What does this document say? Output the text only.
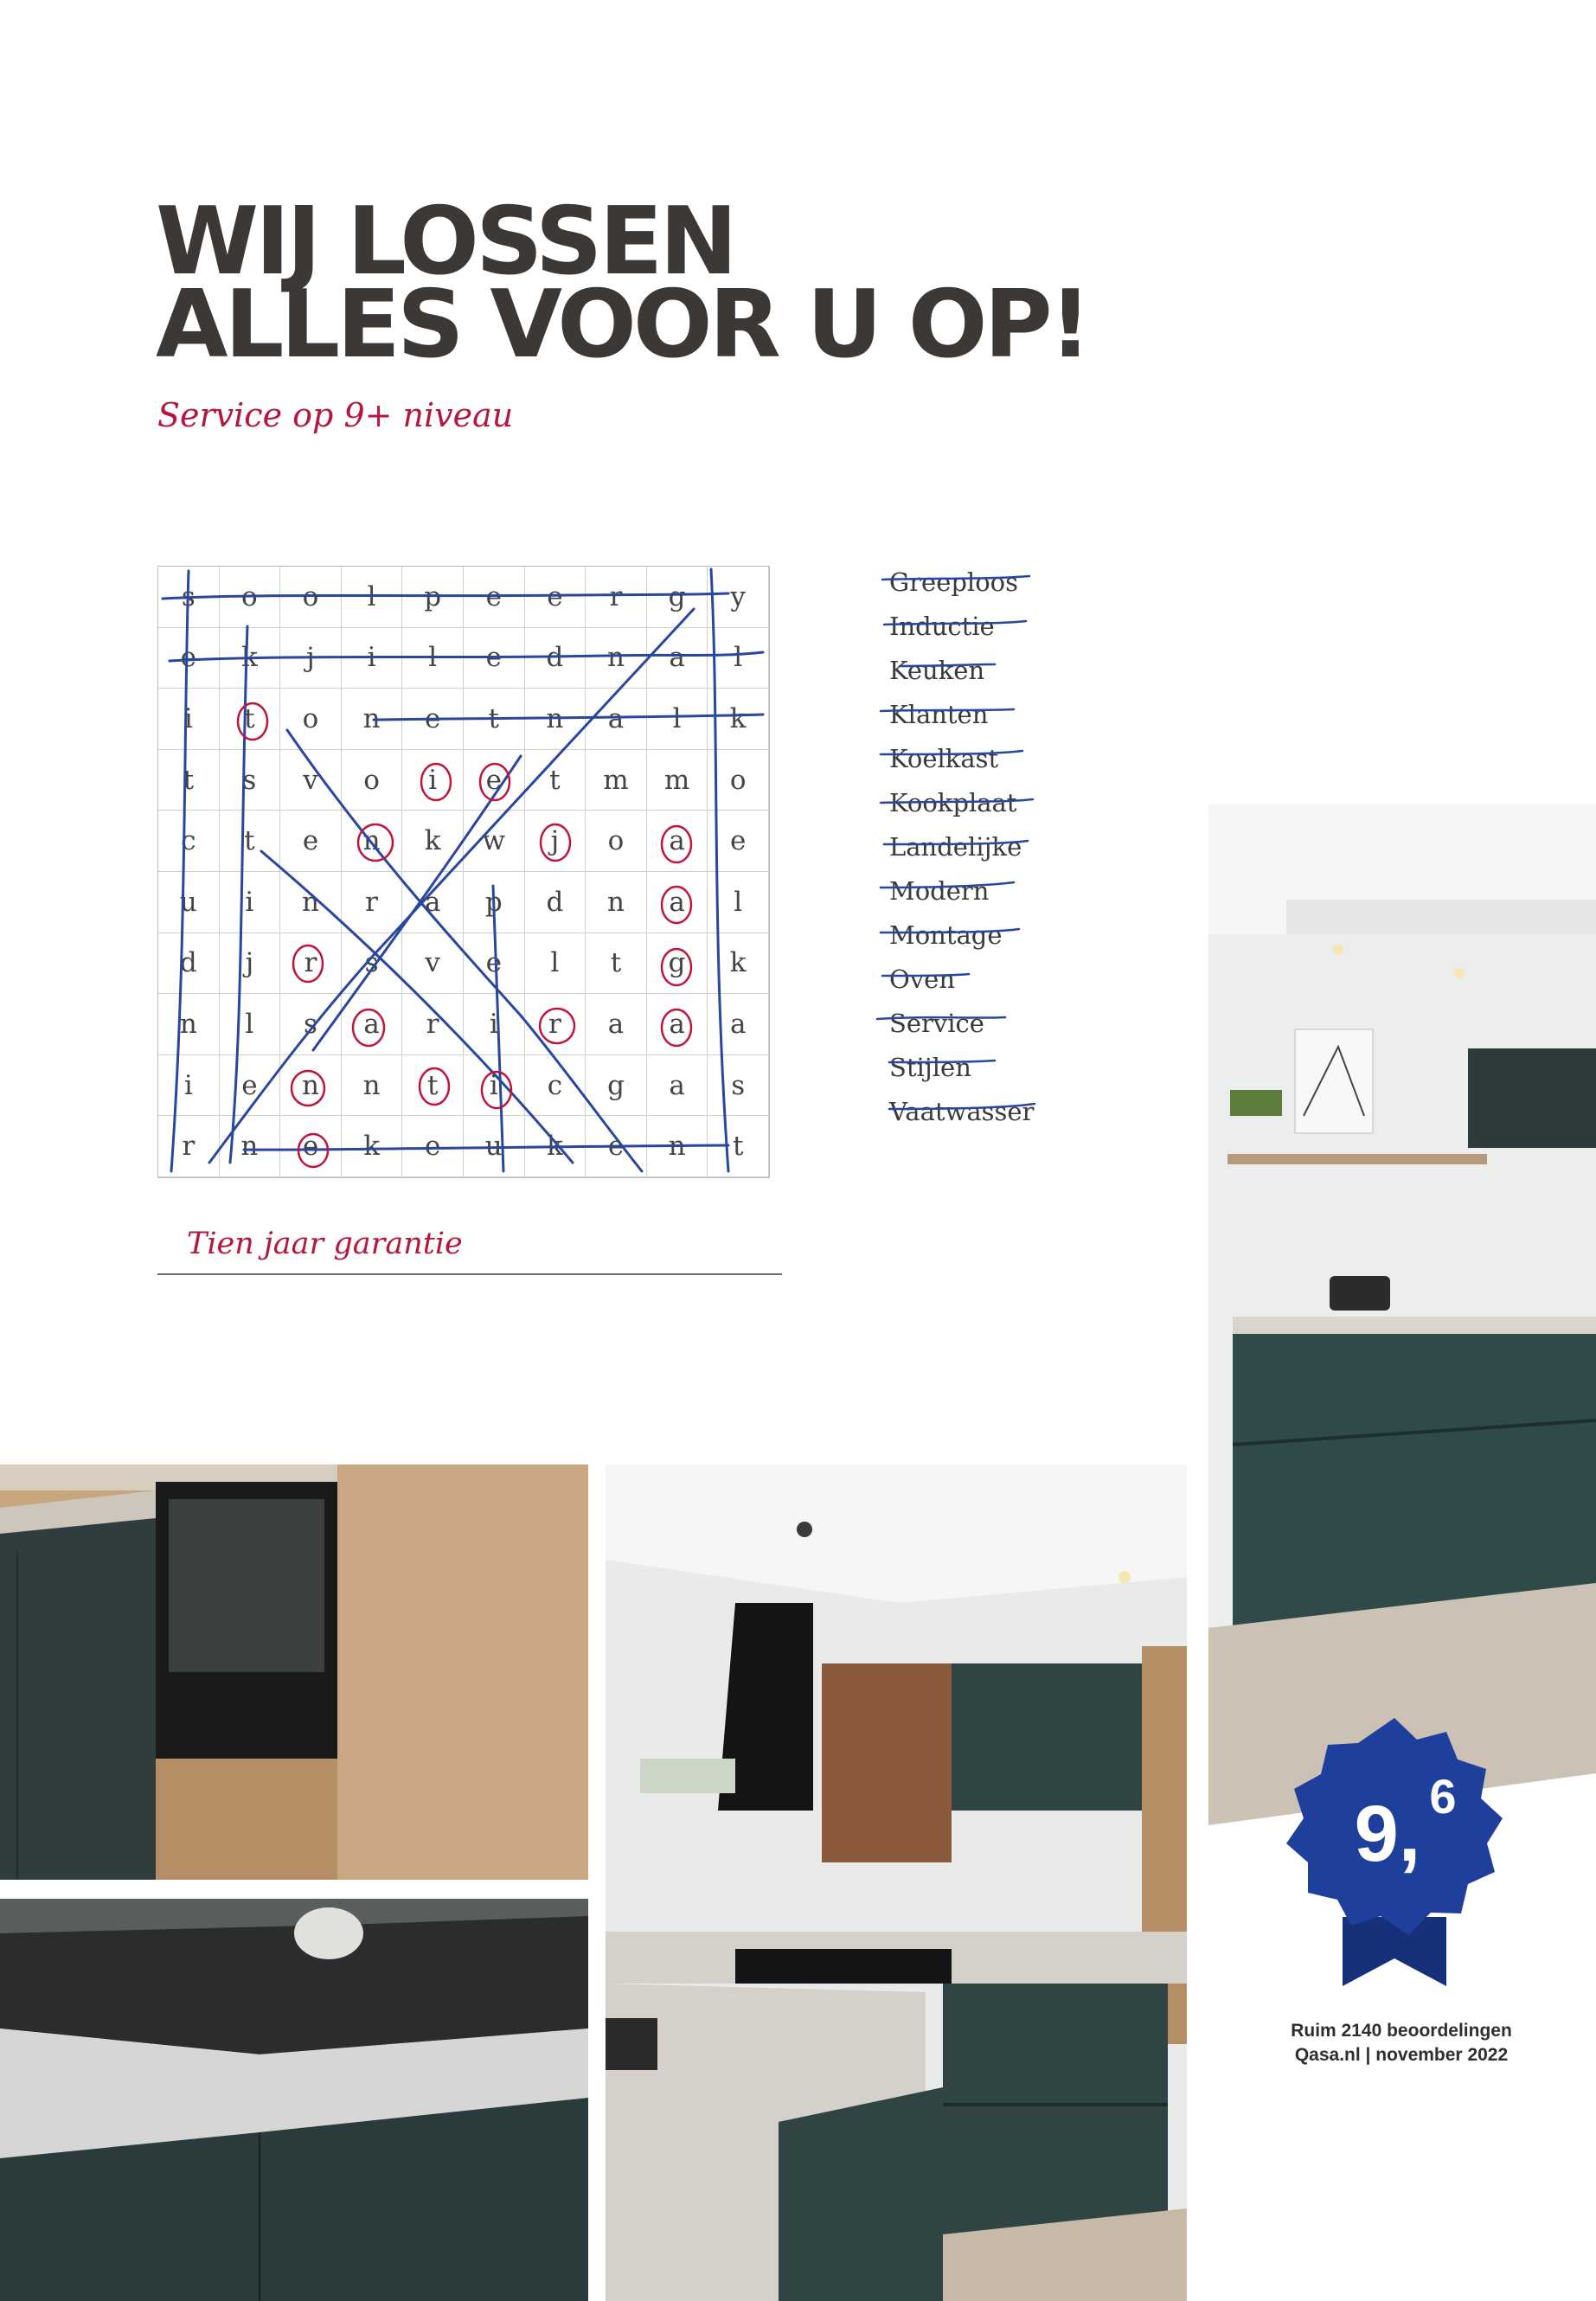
WIJ LOSSEN
ALLES VOOR U OP!
Service op 9+ niveau
s	o	o	l	p	e	e	r	g	y
e	k	j	i	l	e	d	n	a	l
i	t	o	n	e	t	n	a	l	k
t	s	v	o	i	e	t	m	m	o
c	t	e	n	k	w	j	o	a	e
u	i	n	r	a	p	d	n	a	l
d	j	r	s	v	e	l	t	g	k
n	l	s	a	r	i	r	a	a	a
i	e	n	n	t	i	c	g	a	s
r	n	e	k	e	u	k	e	n	t
Greeploos
Inductie
Keuken
Klanten
Koelkast
Kookplaat
Landelijke
Modern
Montage
Oven
Service
Stijlen
Vaatwasser
Tien jaar garantie
9, 6
Ruim 2140 beoordelingen
Qasa.nl | november 2022
